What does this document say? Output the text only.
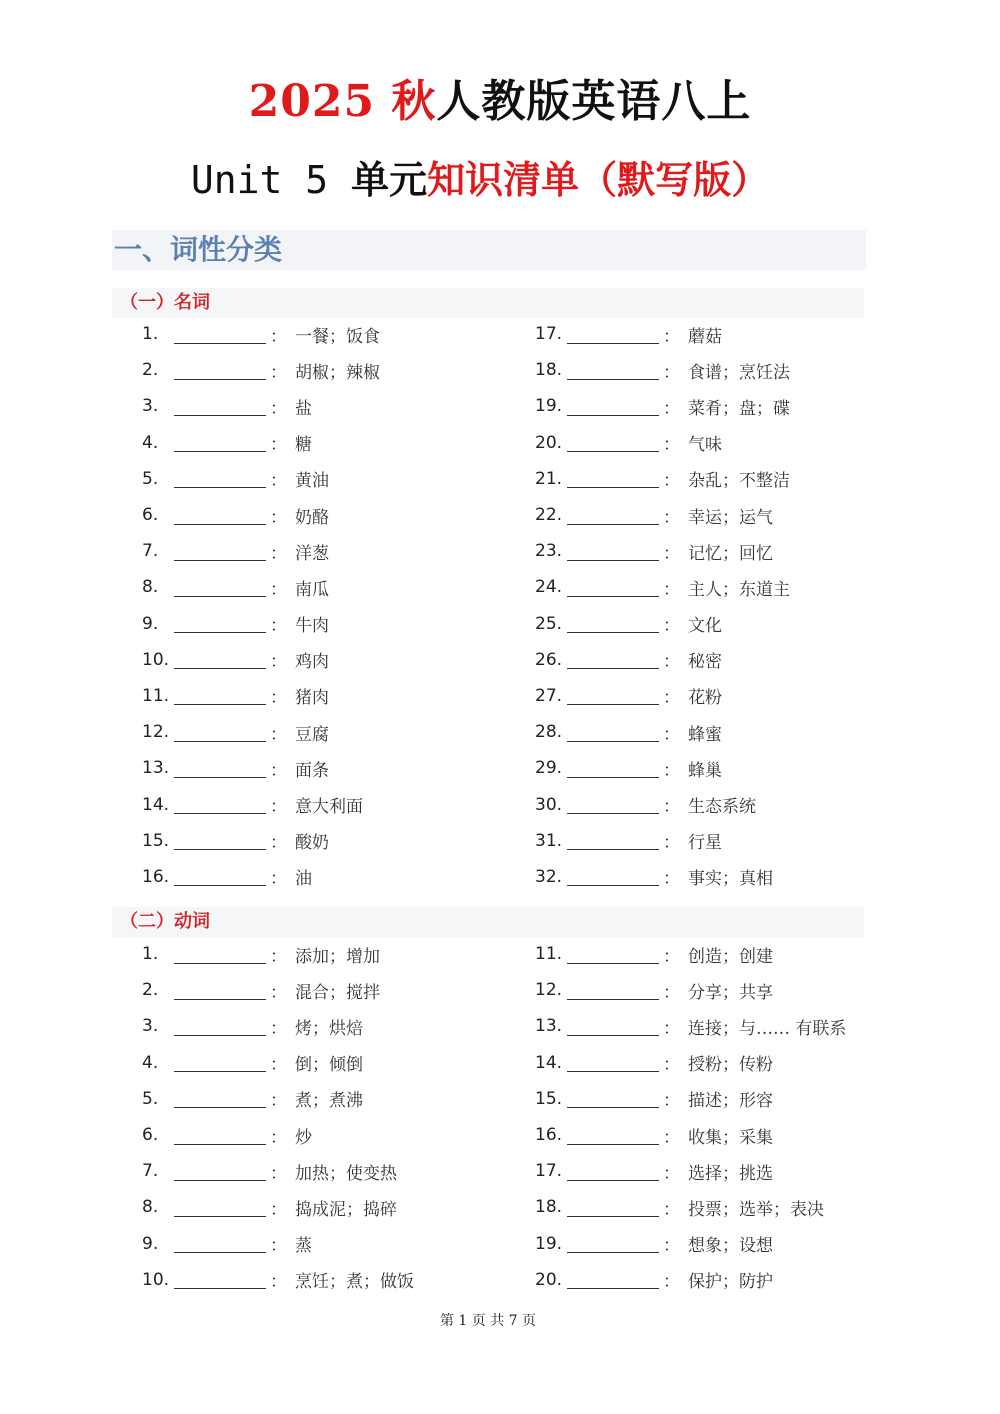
2025 秋人教版英语八上
Unit 5 单元知识清单（默写版）
一、词性分类
（一）名词
1.	： 一餐；饭食
2.	： 胡椒；辣椒
3.	： 盐
4.	： 糖
5.	： 黄油
6.	： 奶酪
7.	： 洋葱
8.	： 南瓜
9.	： 牛肉
10.	： 鸡肉
11.	： 猪肉
12.	： 豆腐
13.	： 面条
14.	： 意大利面
15.	： 酸奶
16.	： 油
17.	： 蘑菇
18.	： 食谱；烹饪法
19.	： 菜肴；盘；碟
20.	： 气味
21.	： 杂乱；不整洁
22.	： 幸运；运气
23.	： 记忆；回忆
24.	： 主人；东道主
25.	： 文化
26.	： 秘密
27.	： 花粉
28.	： 蜂蜜
29.	： 蜂巢
30.	： 生态系统
31.	： 行星
32.	： 事实；真相
（二）动词
1.	： 添加；增加
2.	： 混合；搅拌
3.	： 烤；烘焙
4.	： 倒；倾倒
5.	： 煮；煮沸
6.	： 炒
7.	： 加热；使变热
8.	： 捣成泥；捣碎
9.	： 蒸
10.	： 烹饪；煮；做饭
11.	： 创造；创建
12.	： 分享；共享
13.	： 连接；与…… 有联系
14.	： 授粉；传粉
15.	： 描述；形容
16.	： 收集；采集
17.	： 选择；挑选
18.	： 投票；选举；表决
19.	： 想象；设想
20.	： 保护；防护
第 1 页 共 7 页
